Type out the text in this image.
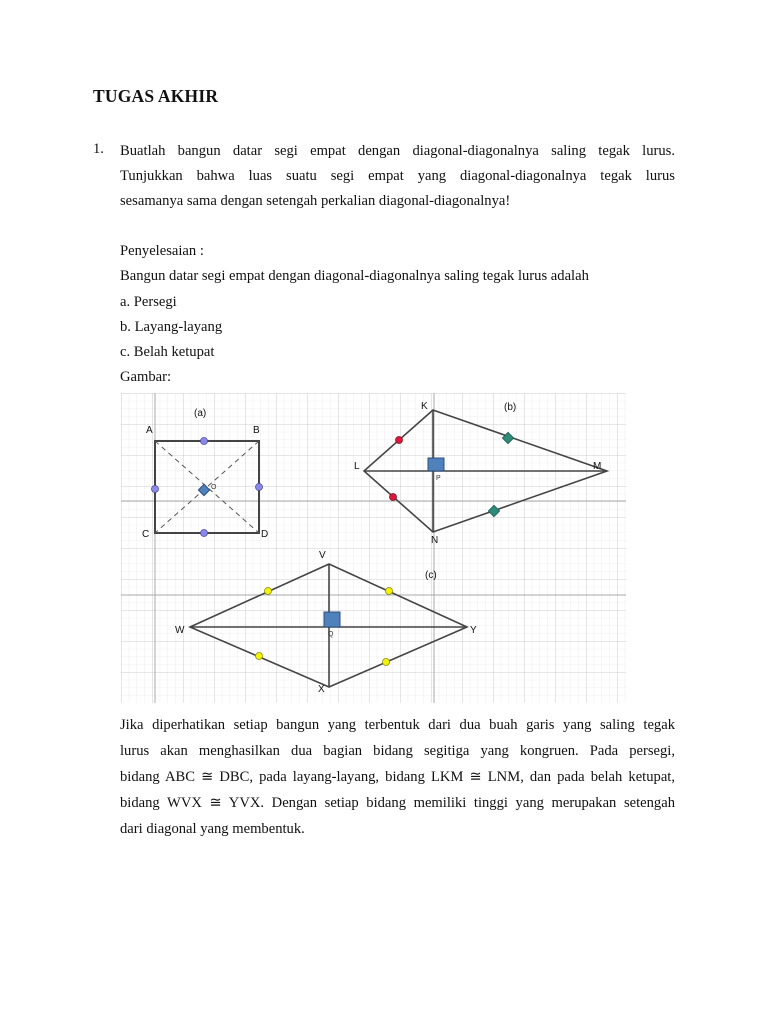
TUGAS AKHIR
1. Buatlah bangun datar segi empat dengan diagonal-diagonalnya saling tegak lurus.
Tunjukkan bahwa luas suatu segi empat yang diagonal-diagonalnya tegak lurus
sesamanya sama dengan setengah perkalian diagonal-diagonalnya!
Penyelesaian :
Bangun datar segi empat dengan diagonal-diagonalnya saling tegak lurus adalah
a. Persegi
b. Layang-layang
c. Belah ketupat
Gambar:
(a)
A	B
C	D
O
(b)
K
L	M
N
P
(c)
V
W	Y
X
Q
Jika diperhatikan setiap bangun yang terbentuk dari dua buah garis yang saling tegak
lurus akan menghasilkan dua bagian bidang segitiga yang kongruen. Pada persegi,
bidang ABC ≅ DBC, pada layang-layang, bidang LKM ≅ LNM, dan pada belah ketupat,
bidang WVX ≅ YVX. Dengan setiap bidang memiliki tinggi yang merupakan setengah
dari diagonal yang membentuk.
